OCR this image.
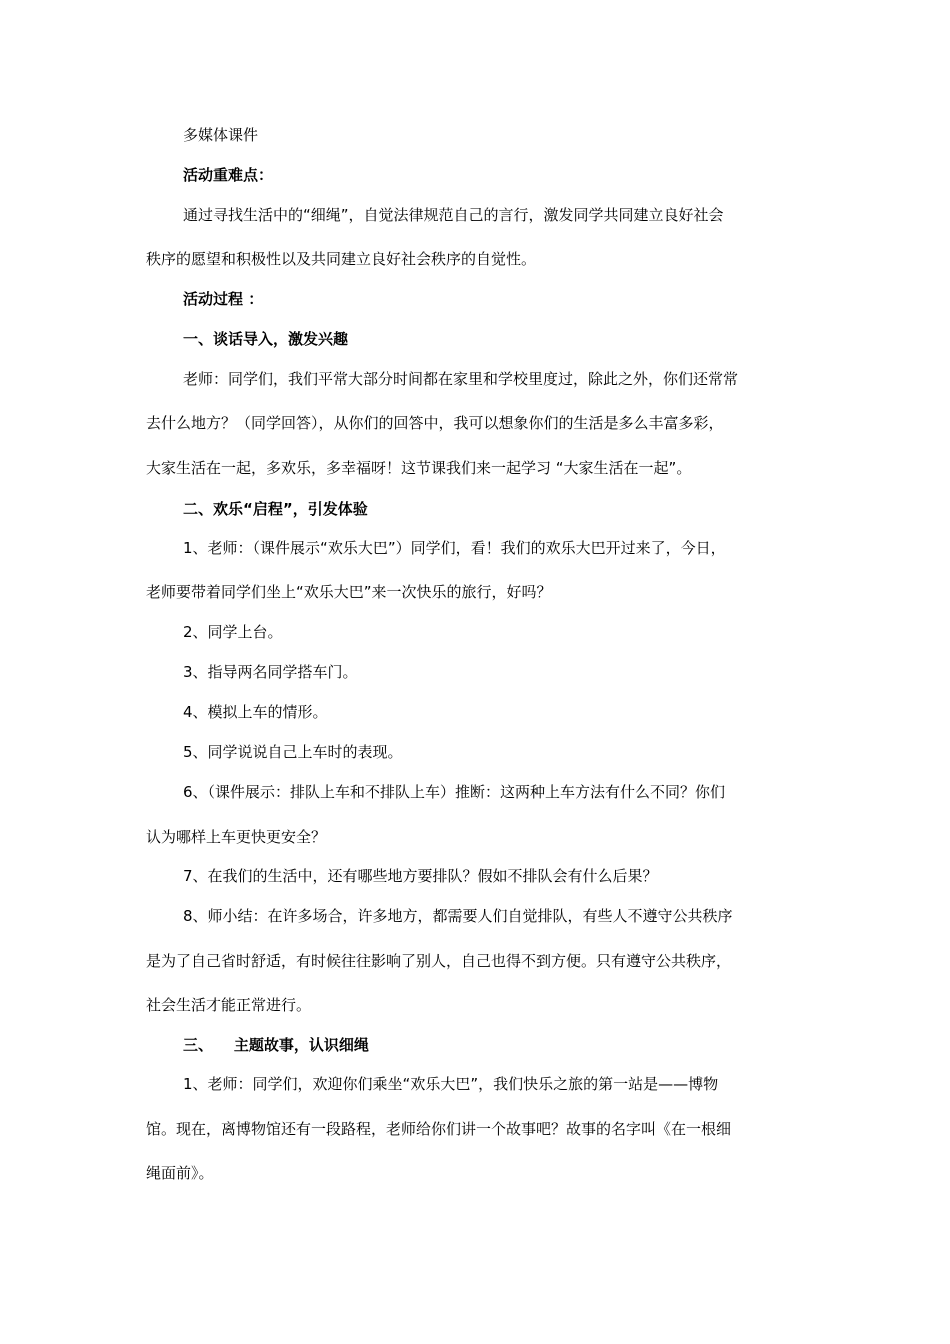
多媒体课件

活动重难点：

通过寻找生活中的“细绳”，自觉法律规范自己的言行，激发同学共同建立良好社会

秩序的愿望和积极性以及共同建立良好社会秩序的自觉性。

活动过程 ：

一、谈话导入，激发兴趣

老师：同学们，我们平常大部分时间都在家里和学校里度过，除此之外，你们还常常

去什么地方？（同学回答），从你们的回答中，我可以想象你们的生活是多么丰富多彩，

大家生活在一起，多欢乐，多幸福呀！这节课我们来一起学习 “大家生活在一起”。

二、欢乐“启程”，引发体验

1、老师：（课件展示“欢乐大巴”）同学们，看！我们的欢乐大巴开过来了，今日，

老师要带着同学们坐上“欢乐大巴”来一次快乐的旅行，好吗？

2、同学上台。

3、指导两名同学搭车门。

4、模拟上车的情形。

5、同学说说自己上车时的表现。

6、（课件展示：排队上车和不排队上车）推断：这两种上车方法有什么不同？你们

认为哪样上车更快更安全？

7、在我们的生活中，还有哪些地方要排队？假如不排队会有什么后果？

8、师小结：在许多场合，许多地方，都需要人们自觉排队，有些人不遵守公共秩序

是为了自己省时舒适，有时候往往影响了别人，自己也得不到方便。只有遵守公共秩序，

社会生活才能正常进行。

三、    主题故事，认识细绳

1、老师：同学们，欢迎你们乘坐“欢乐大巴”，我们快乐之旅的第一站是——博物

馆。现在，离博物馆还有一段路程，老师给你们讲一个故事吧？故事的名字叫《在一根细

绳面前》。
